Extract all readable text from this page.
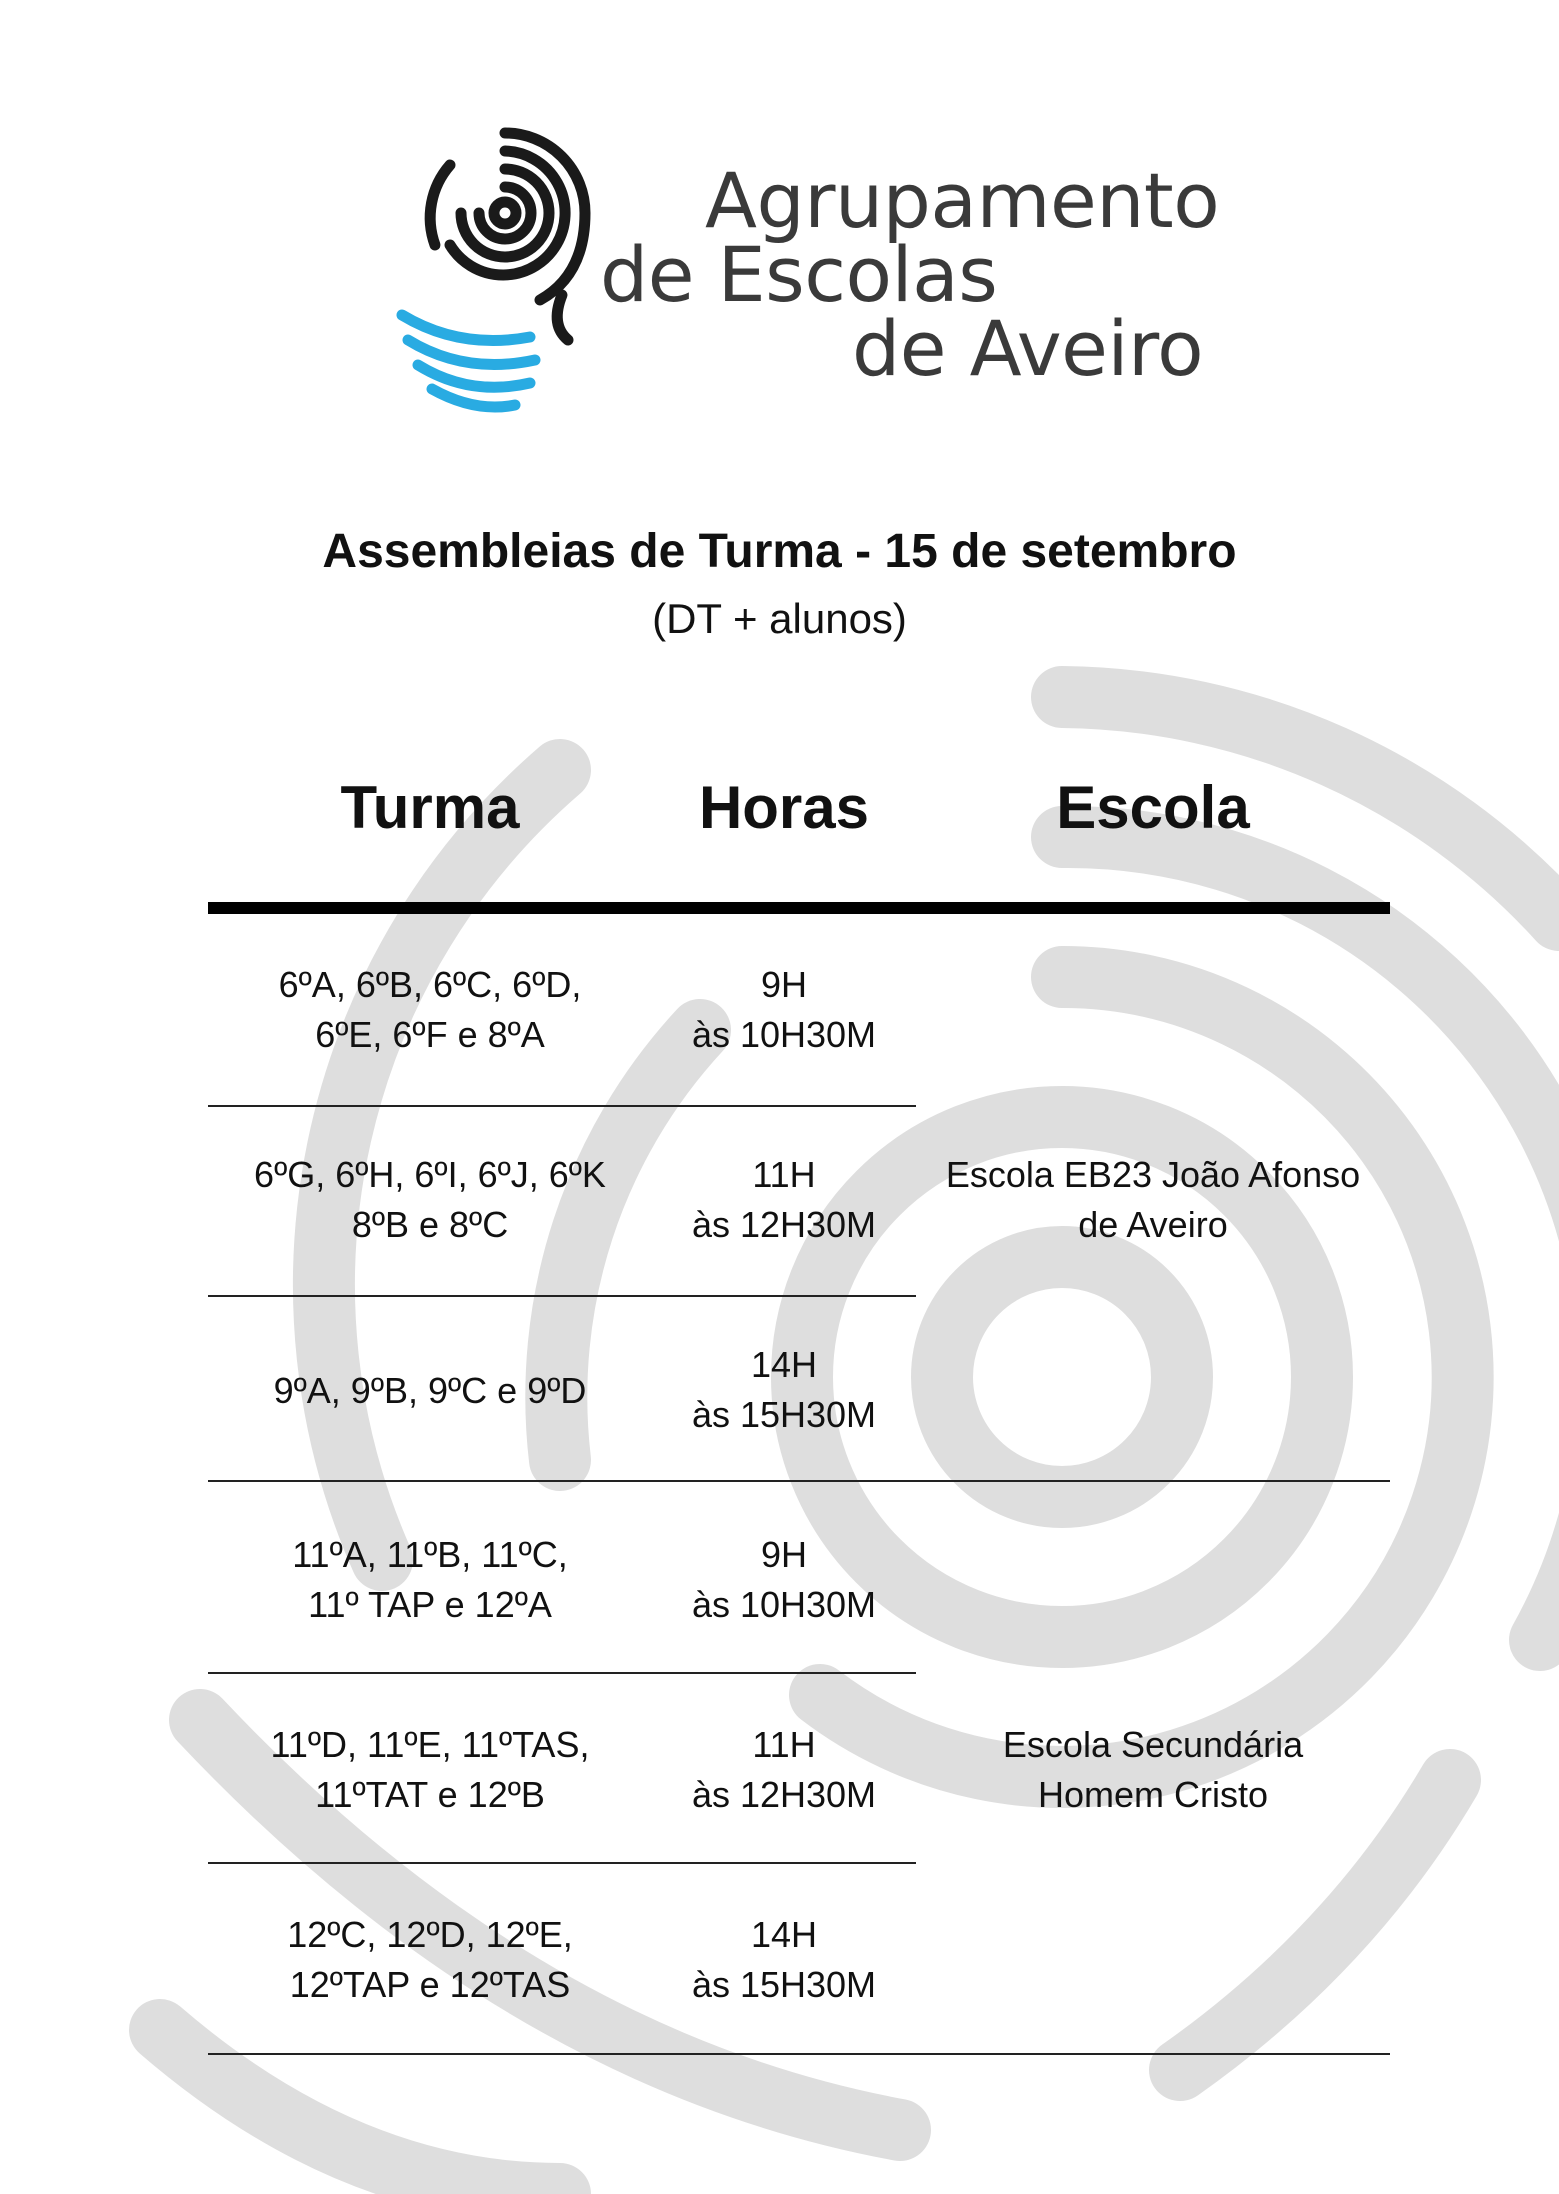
Agrupamento
de Escolas
de Aveiro
Assembleias de Turma - 15 de setembro
(DT + alunos)
Turma	Horas	Escola
6ºA, 6ºB, 6ºC, 6ºD,
6ºE, 6ºF e 8ºA
9H
às 10H30M
6ºG, 6ºH, 6ºI, 6ºJ, 6ºK
8ºB e 8ºC
11H
às 12H30M
Escola EB23 João Afonso
de Aveiro
9ºA, 9ºB, 9ºC e 9ºD
14H
às 15H30M
11ºA, 11ºB, 11ºC,
11º TAP e 12ºA
9H
às 10H30M
11ºD, 11ºE, 11ºTAS,
11ºTAT e 12ºB
11H
às 12H30M
Escola Secundária
Homem Cristo
12ºC, 12ºD, 12ºE,
12ºTAP e 12ºTAS
14H
às 15H30M
